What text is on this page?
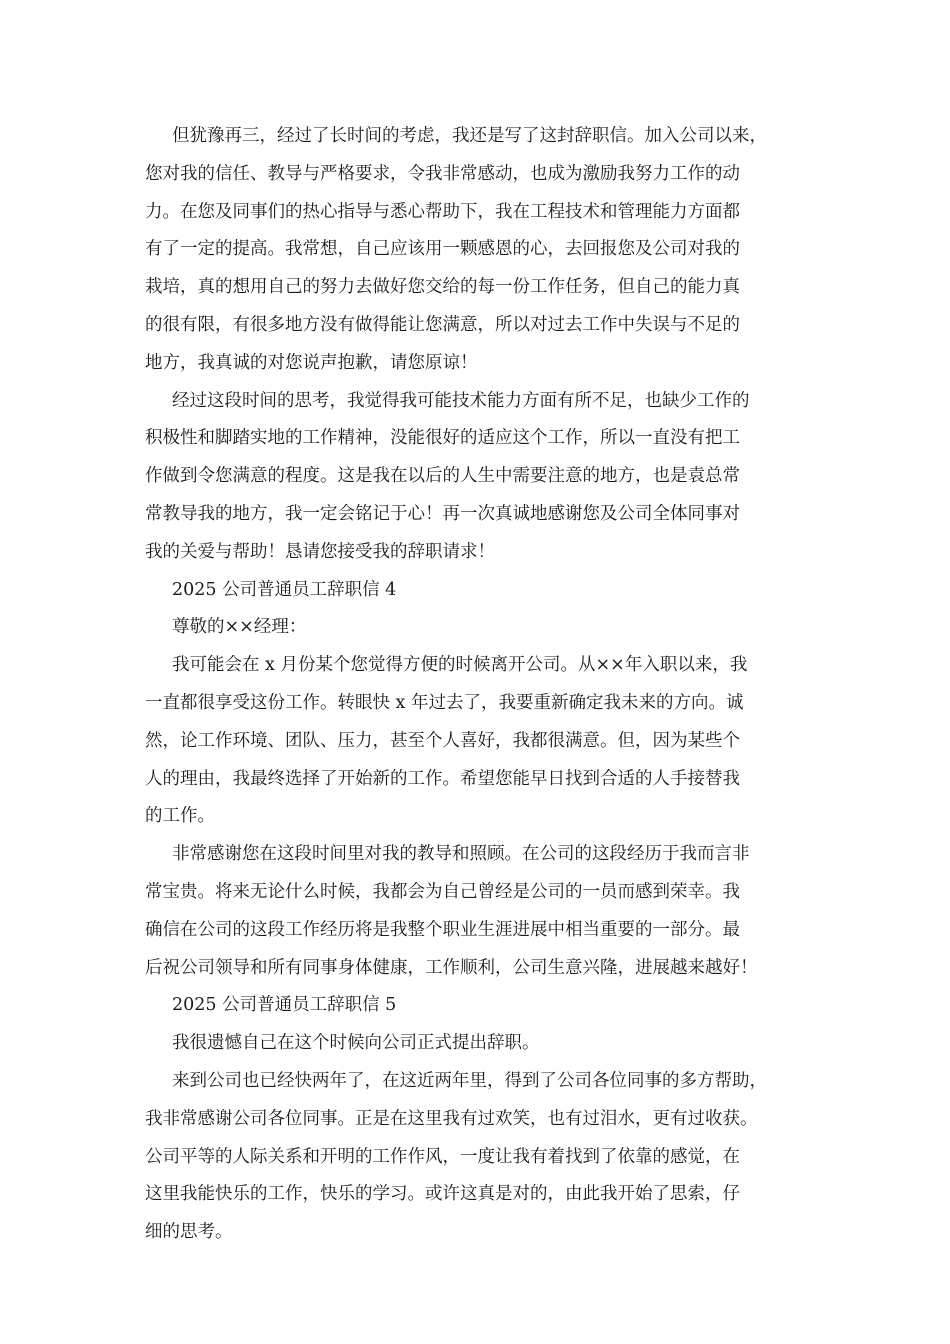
但犹豫再三，经过了长时间的考虑，我还是写了这封辞职信。加入公司以来，
您对我的信任、教导与严格要求，令我非常感动，也成为激励我努力工作的动
力。在您及同事们的热心指导与悉心帮助下，我在工程技术和管理能力方面都
有了一定的提高。我常想，自己应该用一颗感恩的心，去回报您及公司对我的
栽培，真的想用自己的努力去做好您交给的每一份工作任务，但自己的能力真
的很有限，有很多地方没有做得能让您满意，所以对过去工作中失误与不足的
地方，我真诚的对您说声抱歉，请您原谅！
经过这段时间的思考，我觉得我可能技术能力方面有所不足，也缺少工作的
积极性和脚踏实地的工作精神，没能很好的适应这个工作，所以一直没有把工
作做到令您满意的程度。这是我在以后的人生中需要注意的地方，也是袁总常
常教导我的地方，我一定会铭记于心！再一次真诚地感谢您及公司全体同事对
我的关爱与帮助！恳请您接受我的辞职请求！
2025 公司普通员工辞职信 4
尊敬的××经理：
我可能会在 x 月份某个您觉得方便的时候离开公司。从××年入职以来，我
一直都很享受这份工作。转眼快 x 年过去了，我要重新确定我未来的方向。诚
然，论工作环境、团队、压力，甚至个人喜好，我都很满意。但，因为某些个
人的理由，我最终选择了开始新的工作。希望您能早日找到合适的人手接替我
的工作。
非常感谢您在这段时间里对我的教导和照顾。在公司的这段经历于我而言非
常宝贵。将来无论什么时候，我都会为自己曾经是公司的一员而感到荣幸。我
确信在公司的这段工作经历将是我整个职业生涯进展中相当重要的一部分。最
后祝公司领导和所有同事身体健康，工作顺利，公司生意兴隆，进展越来越好！
2025 公司普通员工辞职信 5
我很遗憾自己在这个时候向公司正式提出辞职。
来到公司也已经快两年了，在这近两年里，得到了公司各位同事的多方帮助，
我非常感谢公司各位同事。正是在这里我有过欢笑，也有过泪水，更有过收获。
公司平等的人际关系和开明的工作作风，一度让我有着找到了依靠的感觉，在
这里我能快乐的工作，快乐的学习。或许这真是对的，由此我开始了思索，仔
细的思考。
